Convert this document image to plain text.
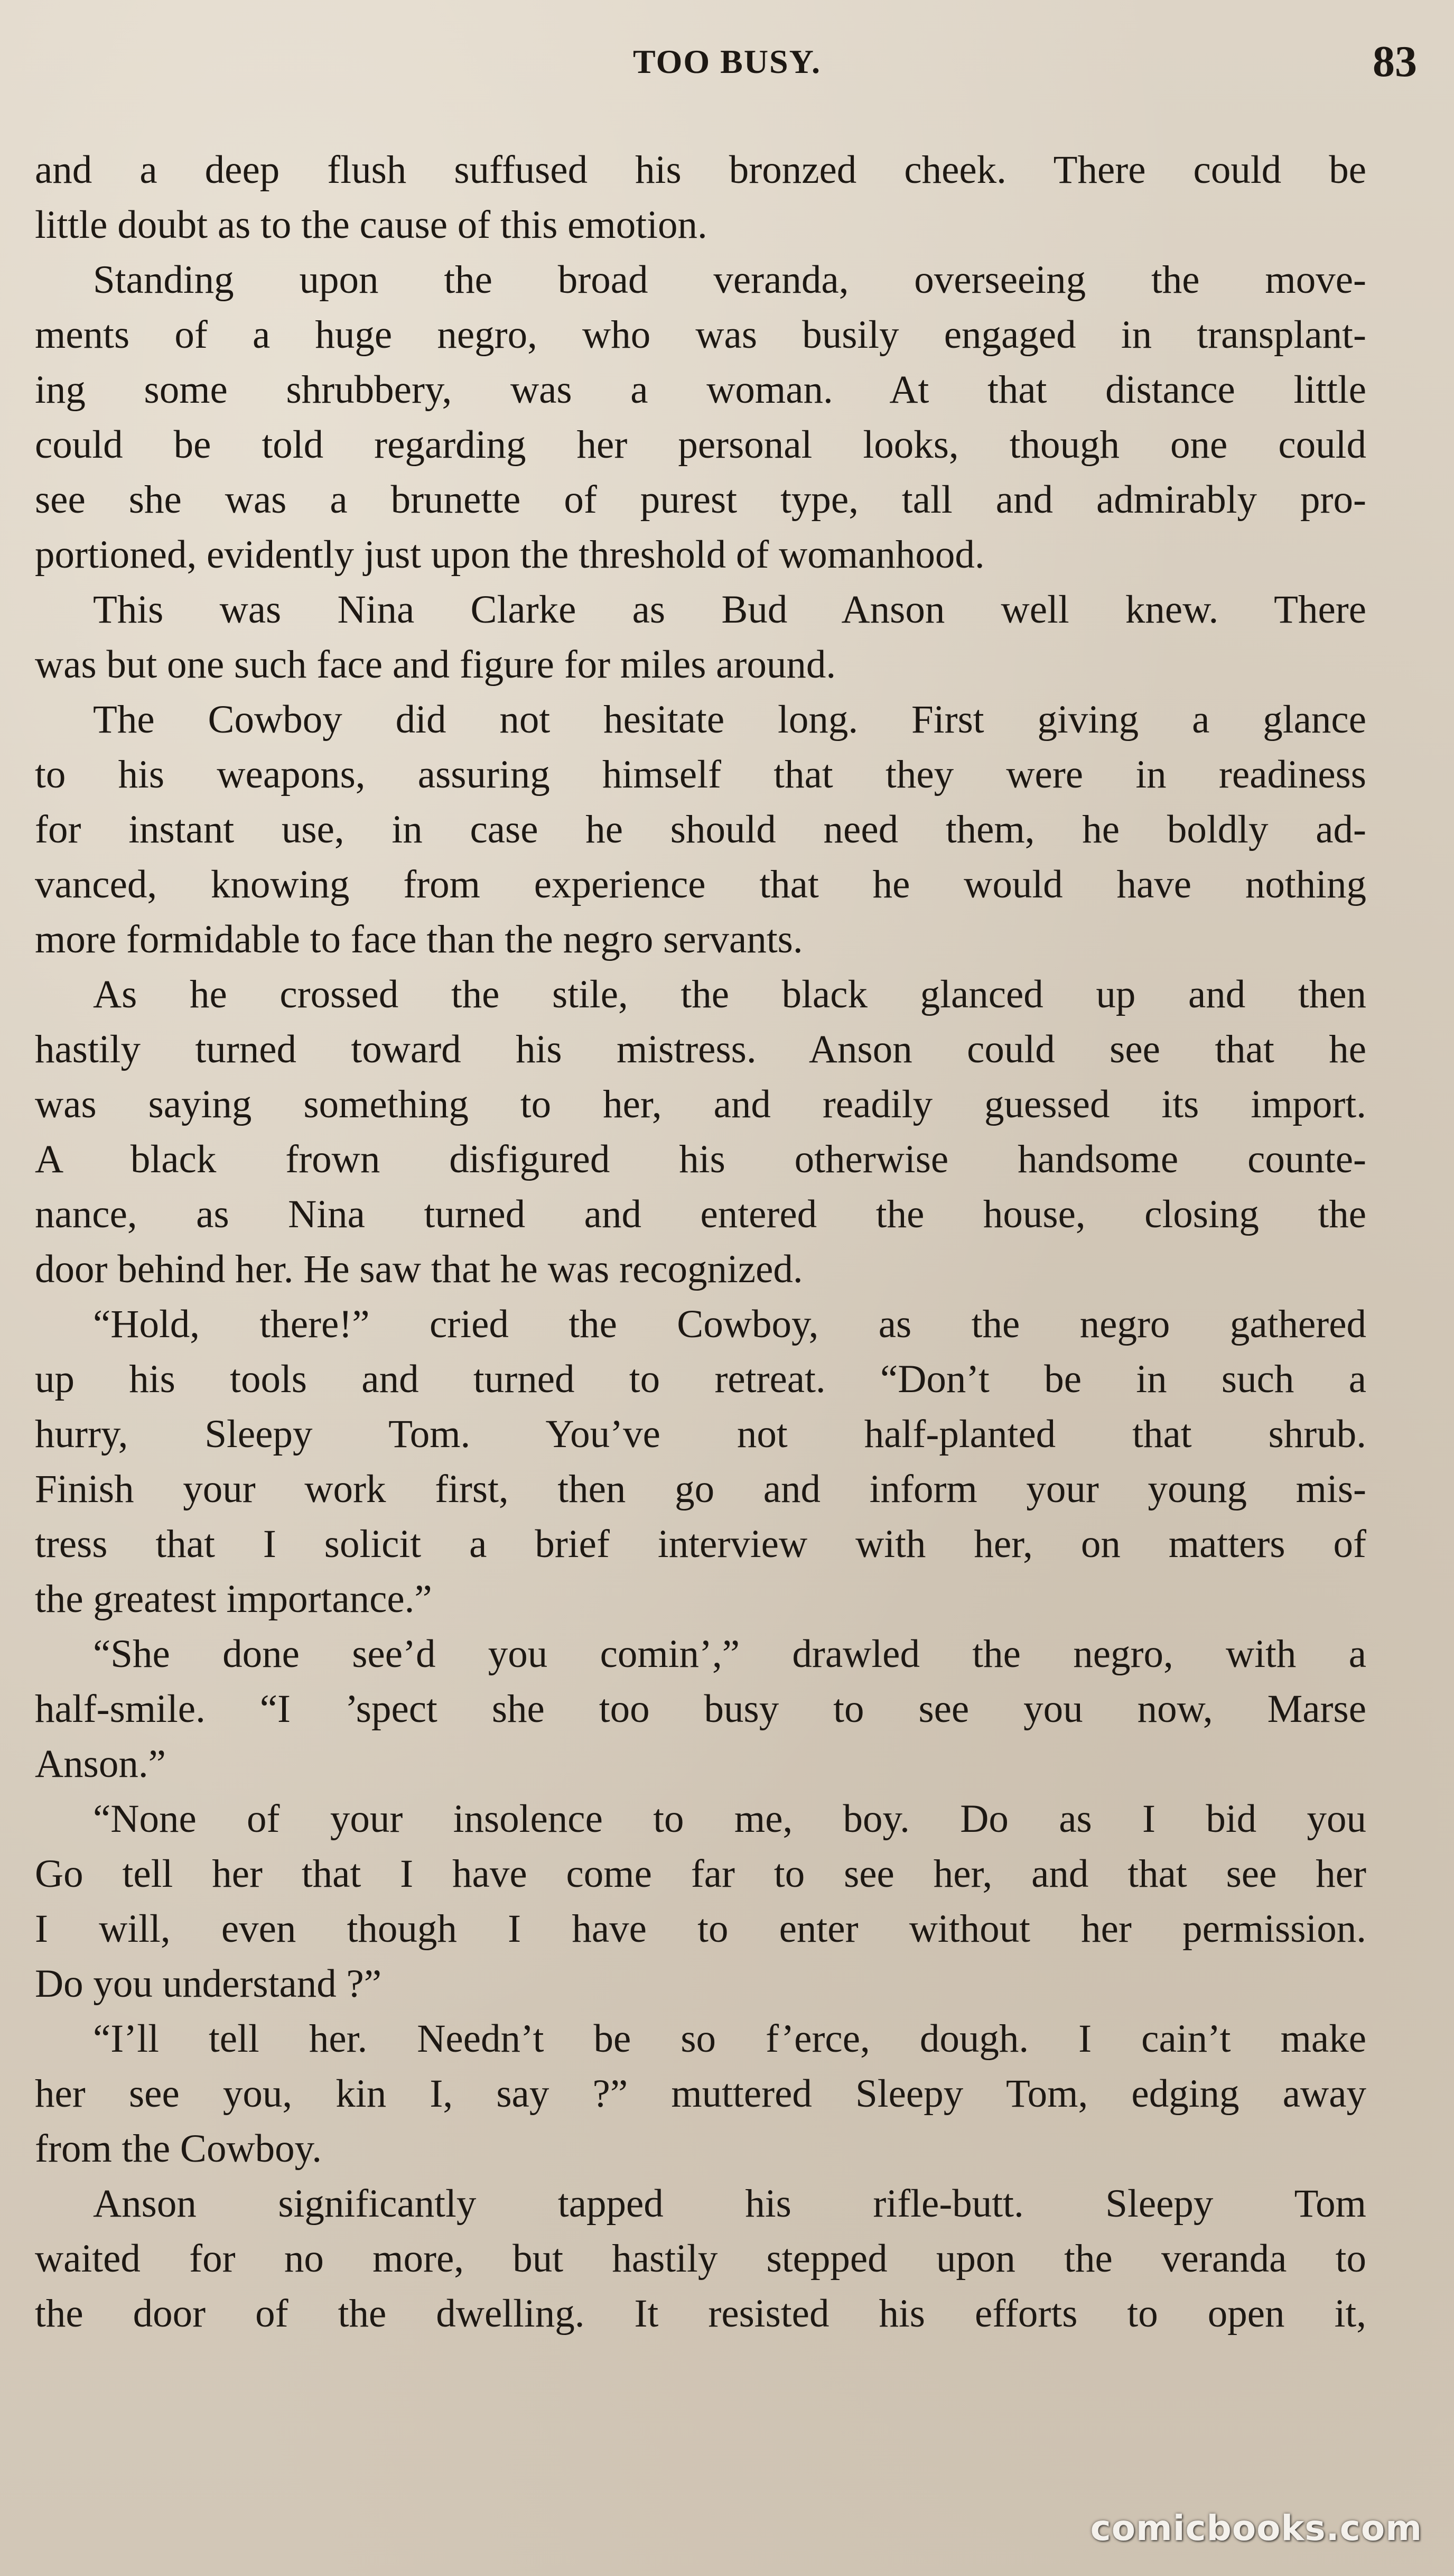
TOO BUSY.	83
and a deep flush suffused his bronzed cheek. There could be
little doubt as to the cause of this emotion.
Standing upon the broad veranda, overseeing the move-
ments of a huge negro, who was busily engaged in transplant-
ing some shrubbery, was a woman. At that distance little
could be told regarding her personal looks, though one could
see she was a brunette of purest type, tall and admirably pro-
portioned, evidently just upon the threshold of womanhood.
This was Nina Clarke as Bud Anson well knew. There
was but one such face and figure for miles around.
The Cowboy did not hesitate long. First giving a glance
to his weapons, assuring himself that they were in readiness
for instant use, in case he should need them, he boldly ad-
vanced, knowing from experience that he would have nothing
more formidable to face than the negro servants.
As he crossed the stile, the black glanced up and then
hastily turned toward his mistress. Anson could see that he
was saying something to her, and readily guessed its import.
A black frown disfigured his otherwise handsome counte-
nance, as Nina turned and entered the house, closing the
door behind her. He saw that he was recognized.
“Hold, there!” cried the Cowboy, as the negro gathered
up his tools and turned to retreat. “Don’t be in such a
hurry, Sleepy Tom. You’ve not half-planted that shrub.
Finish your work first, then go and inform your young mis-
tress that I solicit a brief interview with her, on matters of
the greatest importance.”
“She done see’d you comin’,” drawled the negro, with a
half-smile. “I ’spect she too busy to see you now, Marse
Anson.”
“None of your insolence to me, boy. Do as I bid you
Go tell her that I have come far to see her, and that see her
I will, even though I have to enter without her permission.
Do you understand ?”
“I’ll tell her. Needn’t be so f’erce, dough. I cain’t make
her see you, kin I, say ?” muttered Sleepy Tom, edging away
from the Cowboy.
Anson significantly tapped his rifle-butt. Sleepy Tom
waited for no more, but hastily stepped upon the veranda to
the door of the dwelling. It resisted his efforts to open it,
comicbooks.com
